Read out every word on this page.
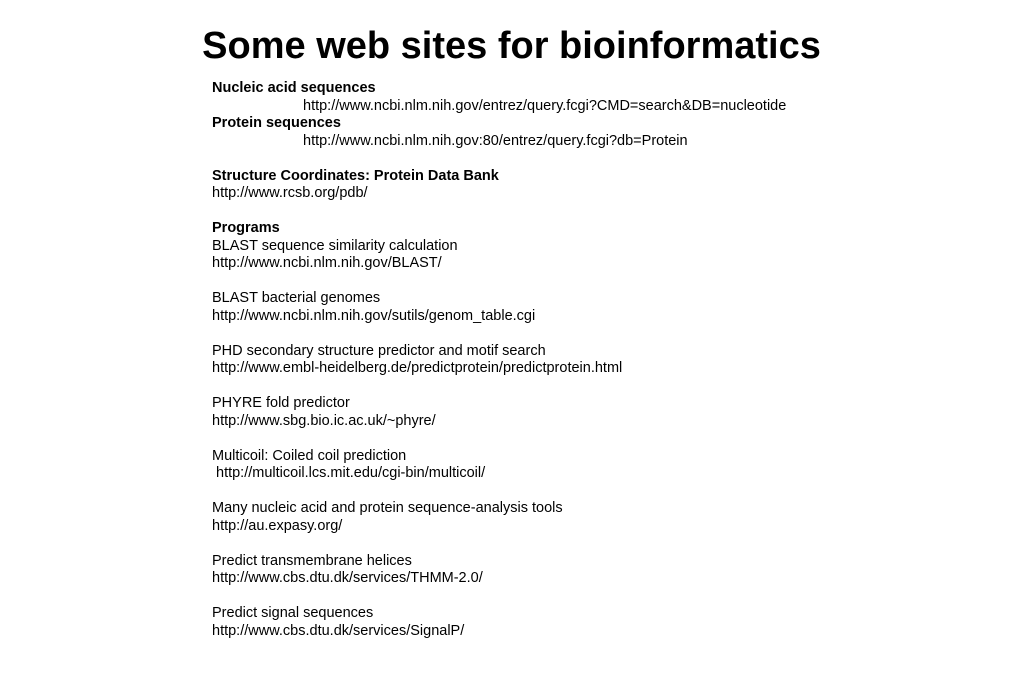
Some web sites for bioinformatics
Nucleic acid sequences
http://www.ncbi.nlm.nih.gov/entrez/query.fcgi?CMD=search&DB=nucleotide
Protein sequences
http://www.ncbi.nlm.nih.gov:80/entrez/query.fcgi?db=Protein
Structure Coordinates: Protein Data Bank
http://www.rcsb.org/pdb/
Programs
BLAST sequence similarity calculation
http://www.ncbi.nlm.nih.gov/BLAST/
BLAST bacterial genomes
http://www.ncbi.nlm.nih.gov/sutils/genom_table.cgi
PHD secondary structure predictor and motif search
http://www.embl-heidelberg.de/predictprotein/predictprotein.html
PHYRE fold predictor
http://www.sbg.bio.ic.ac.uk/~phyre/
Multicoil: Coiled coil prediction
http://multicoil.lcs.mit.edu/cgi-bin/multicoil/
Many nucleic acid and protein sequence-analysis tools
http://au.expasy.org/
Predict transmembrane helices
http://www.cbs.dtu.dk/services/THMM-2.0/
Predict signal sequences
http://www.cbs.dtu.dk/services/SignalP/
